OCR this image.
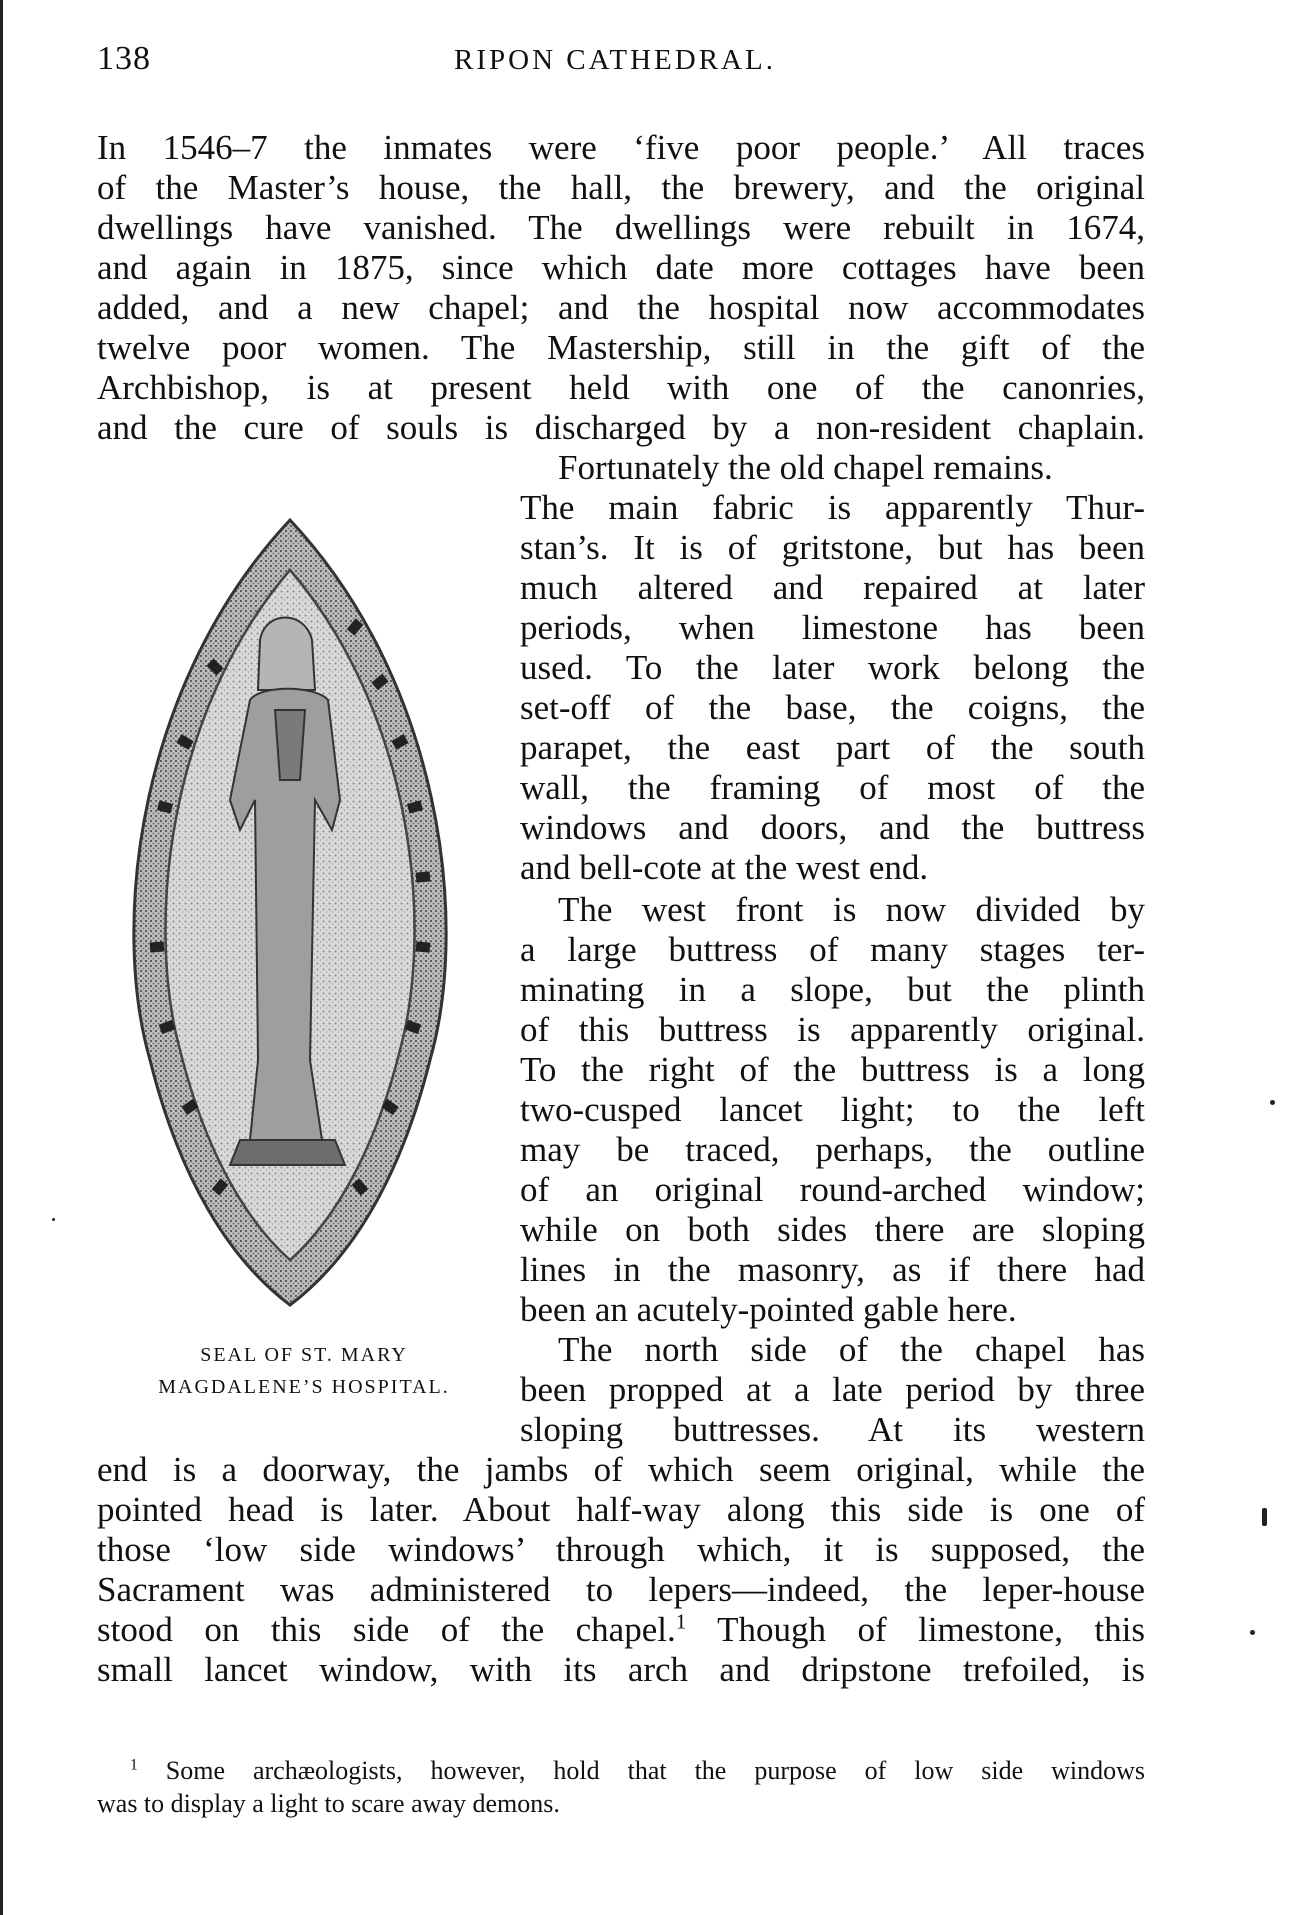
138	RIPON CATHEDRAL.
In 1546–7 the inmates were ‘five poor people.’ All traces
of the Master’s house, the hall, the brewery, and the original
dwellings have vanished. The dwellings were rebuilt in 1674,
and again in 1875, since which date more cottages have been
added, and a new chapel; and the hospital now accommodates
twelve poor women. The Mastership, still in the gift of the
Archbishop, is at present held with one of the canonries,
and the cure of souls is discharged by a non-resident chaplain.
Fortunately the old chapel remains.
The main fabric is apparently Thur-
stan’s. It is of gritstone, but has been
much altered and repaired at later
periods, when limestone has been
used. To the later work belong the
set-off of the base, the coigns, the
parapet, the east part of the south
wall, the framing of most of the
windows and doors, and the buttress
and bell-cote at the west end.
The west front is now divided by
a large buttress of many stages ter-
minating in a slope, but the plinth
of this buttress is apparently original.
To the right of the buttress is a long
two-cusped lancet light; to the left
may be traced, perhaps, the outline
of an original round-arched window;
while on both sides there are sloping
lines in the masonry, as if there had
been an acutely-pointed gable here.
The north side of the chapel has
been propped at a late period by three
sloping buttresses. At its western
end is a doorway, the jambs of which seem original, while the
pointed head is later. About half-way along this side is one of
those ‘low side windows’ through which, it is supposed, the
Sacrament was administered to lepers—indeed, the leper-house
stood on this side of the chapel.$^1$ Though of limestone, this
small lancet window, with its arch and dripstone trefoiled, is
SEAL OF ST. MARY
MAGDALENE’S HOSPITAL.
$^1$ Some archæologists, however, hold that the purpose of low side windows
was to display a light to scare away demons.
